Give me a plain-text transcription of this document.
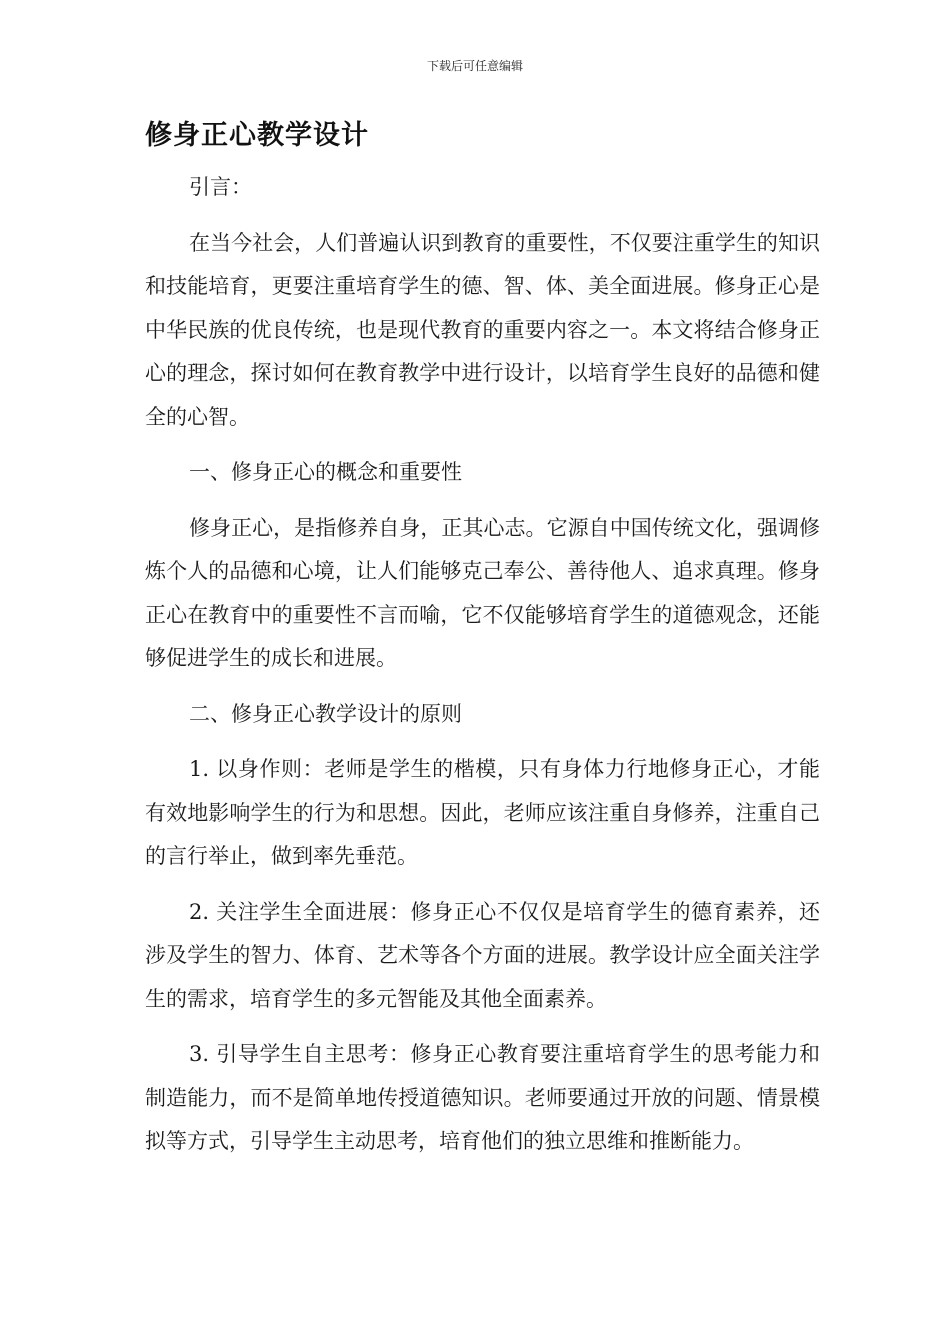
下载后可任意编辑
修身正心教学设计

引言：

在当今社会，人们普遍认识到教育的重要性，不仅要注重学生的知识和技能培育，更要注重培育学生的德、智、体、美全面进展。修身正心是中华民族的优良传统，也是现代教育的重要内容之一。本文将结合修身正心的理念，探讨如何在教育教学中进行设计，以培育学生良好的品德和健全的心智。

一、修身正心的概念和重要性

修身正心，是指修养自身，正其心志。它源自中国传统文化，强调修炼个人的品德和心境，让人们能够克己奉公、善待他人、追求真理。修身正心在教育中的重要性不言而喻，它不仅能够培育学生的道德观念，还能够促进学生的成长和进展。

二、修身正心教学设计的原则

1. 以身作则：老师是学生的楷模，只有身体力行地修身正心，才能有效地影响学生的行为和思想。因此，老师应该注重自身修养，注重自己的言行举止，做到率先垂范。

2. 关注学生全面进展：修身正心不仅仅是培育学生的德育素养，还涉及学生的智力、体育、艺术等各个方面的进展。教学设计应全面关注学生的需求，培育学生的多元智能及其他全面素养。

3. 引导学生自主思考：修身正心教育要注重培育学生的思考能力和制造能力，而不是简单地传授道德知识。老师要通过开放的问题、情景模拟等方式，引导学生主动思考，培育他们的独立思维和推断能力。
